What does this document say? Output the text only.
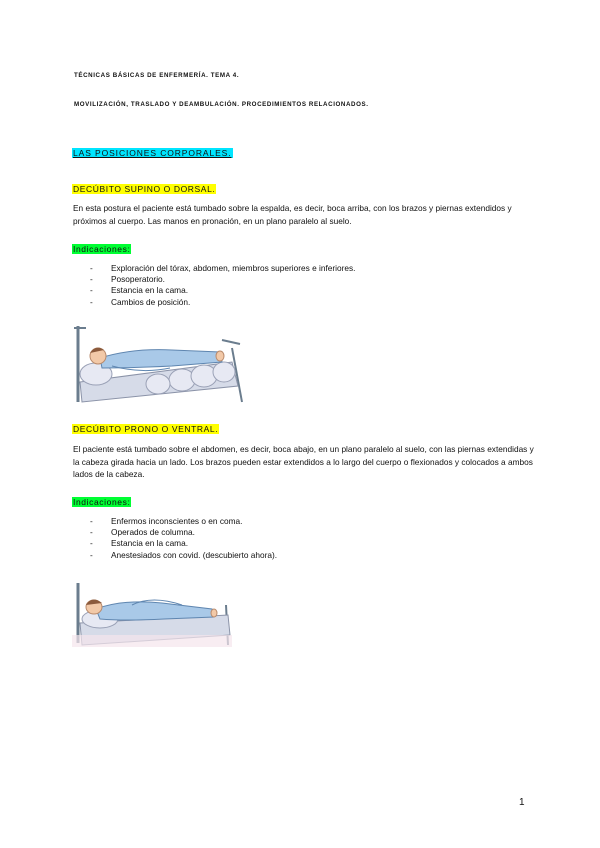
TÉCNICAS BÁSICAS DE ENFERMERÍA. TEMA 4.
MOVILIZACIÓN, TRASLADO Y DEAMBULACIÓN. PROCEDIMIENTOS RELACIONADOS.
LAS POSICIONES CORPORALES.
DECÚBITO SUPINO O DORSAL.
En esta postura el paciente está tumbado sobre la espalda, es decir, boca arriba, con los brazos y piernas extendidos y próximos al cuerpo. Las manos en pronación, en un plano paralelo al suelo.
Indicaciones:
- Exploración del tórax, abdomen, miembros superiores e inferiores.
- Posoperatorio.
- Estancia en la cama.
- Cambios de posición.
DECÚBITO PRONO O VENTRAL.
El paciente está tumbado sobre el abdomen, es decir, boca abajo, en un plano paralelo al suelo, con las piernas extendidas y la cabeza girada hacia un lado. Los brazos pueden estar extendidos a lo largo del cuerpo o flexionados y colocados a ambos lados de la cabeza.
Indicaciones:
- Enfermos inconscientes o en coma.
- Operados de columna.
- Estancia en la cama.
- Anestesiados con covid. (descubierto ahora).
1
